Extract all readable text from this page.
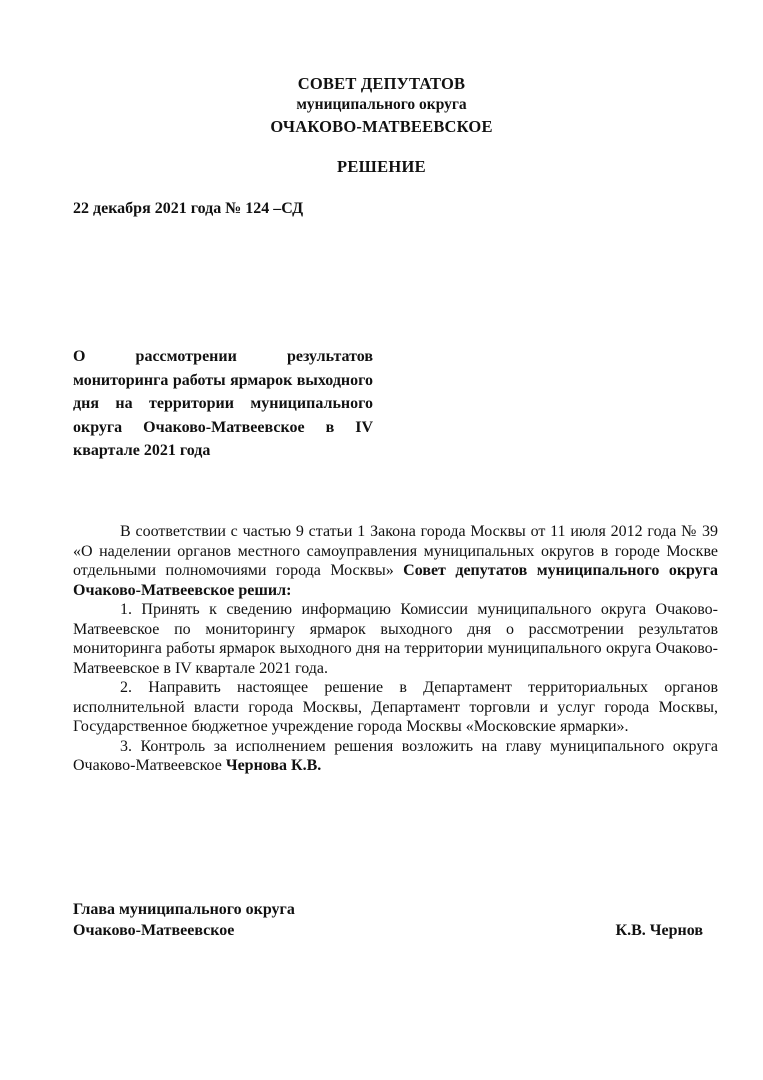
СОВЕТ ДЕПУТАТОВ
муниципального округа
ОЧАКОВО-МАТВЕЕВСКОЕ
РЕШЕНИЕ
22 декабря 2021 года № 124 –СД
О рассмотрении результатов мониторинга работы ярмарок выходного дня на территории муниципального округа Очаково-Матвеевское в IV квартале 2021 года

В соответствии с частью 9 статьи 1 Закона города Москвы от 11 июля 2012 года № 39 «О наделении органов местного самоуправления муниципальных округов в городе Москве отдельными полномочиями города Москвы» Совет депутатов муниципального округа Очаково-Матвеевское решил:

1. Принять к сведению информацию Комиссии муниципального округа Очаково-Матвеевское по мониторингу ярмарок выходного дня о рассмотрении результатов мониторинга работы ярмарок выходного дня на территории муниципального округа Очаково-Матвеевское в IV квартале 2021 года.

2. Направить настоящее решение в Департамент территориальных органов исполнительной власти города Москвы, Департамент торговли и услуг города Москвы, Государственное бюджетное учреждение города Москвы «Московские ярмарки».

3. Контроль за исполнением решения возложить на главу муниципального округа Очаково-Матвеевское Чернова К.В.

Глава муниципального округа
Очаково-Матвеевское	К.В. Чернов
